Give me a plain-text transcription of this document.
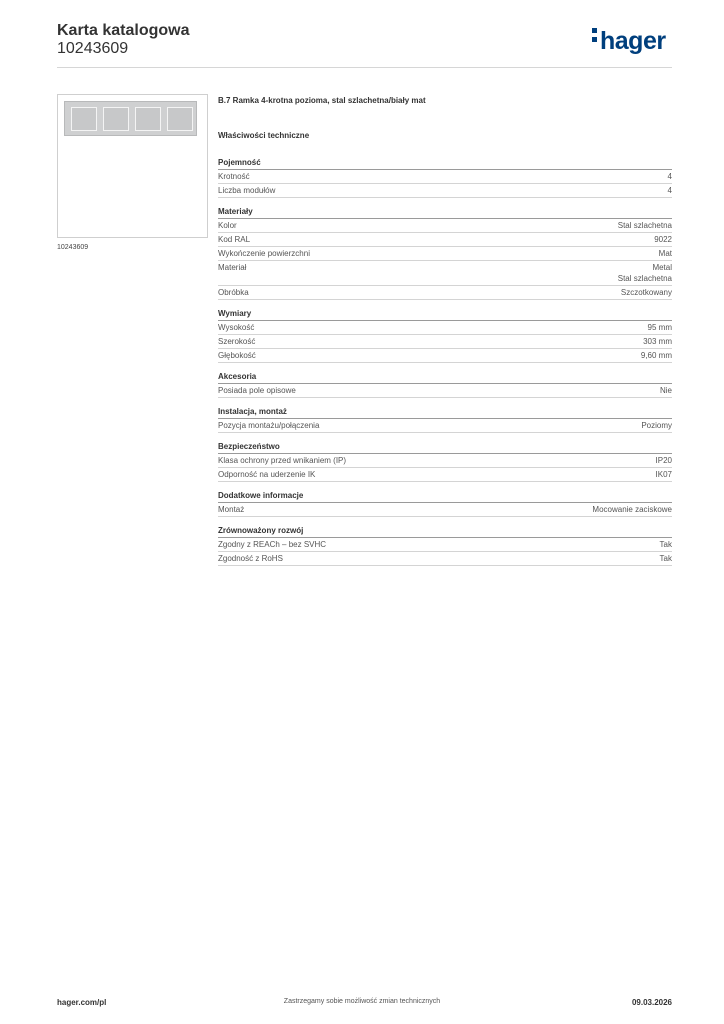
Karta katalogowa
10243609	hager
10243609
B.7 Ramka 4-krotna pozioma, stal szlachetna/biały mat
Właściwości techniczne
Pojemność
Krotność	4
Liczba modułów	4
Materiały
Kolor	Stal szlachetna
Kod RAL	9022
Wykończenie powierzchni	Mat
Materiał	Metal
Stal szlachetna
Obróbka	Szczotkowany
Wymiary
Wysokość	95 mm
Szerokość	303 mm
Głębokość	9,60 mm
Akcesoria
Posiada pole opisowe	Nie
Instalacja, montaż
Pozycja montażu/połączenia	Poziomy
Bezpieczeństwo
Klasa ochrony przed wnikaniem (IP)	IP20
Odporność na uderzenie IK	IK07
Dodatkowe informacje
Montaż	Mocowanie zaciskowe
Zrównoważony rozwój
Zgodny z REACh – bez SVHC	Tak
Zgodność z RoHS	Tak
hager.com/pl	Zastrzegamy sobie możliwość zmian technicznych	09.03.2026
